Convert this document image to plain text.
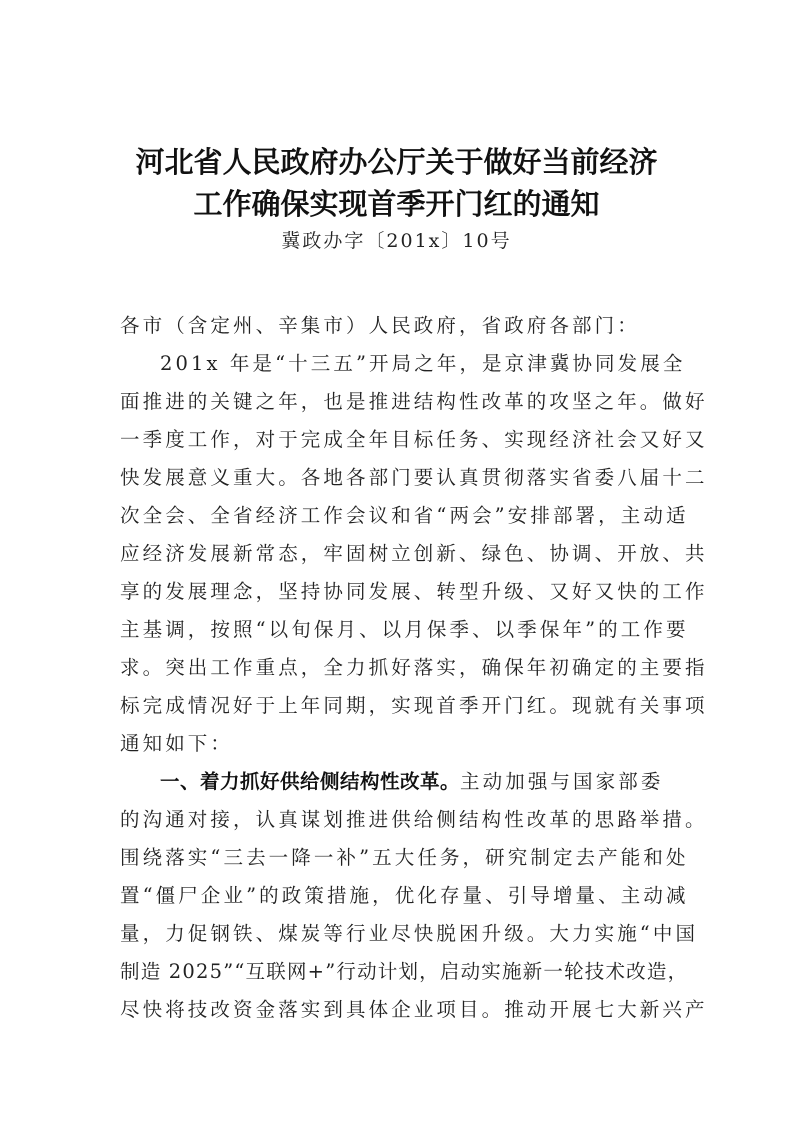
河北省人民政府办公厅关于做好当前经济
工作确保实现首季开门红的通知
冀政办字〔201x〕10号
各市（含定州、辛集市）人民政府，省政府各部门：
201x 年是“十三五”开局之年，是京津冀协同发展全
面推进的关键之年，也是推进结构性改革的攻坚之年。做好
一季度工作，对于完成全年目标任务、实现经济社会又好又
快发展意义重大。各地各部门要认真贯彻落实省委八届十二
次全会、全省经济工作会议和省“两会”安排部署，主动适
应经济发展新常态，牢固树立创新、绿色、协调、开放、共
享的发展理念，坚持协同发展、转型升级、又好又快的工作
主基调，按照“以旬保月、以月保季、以季保年”的工作要
求。突出工作重点，全力抓好落实，确保年初确定的主要指
标完成情况好于上年同期，实现首季开门红。现就有关事项
通知如下：
一、着力抓好供给侧结构性改革。主动加强与国家部委
的沟通对接，认真谋划推进供给侧结构性改革的思路举措。
围绕落实“三去一降一补”五大任务，研究制定去产能和处
置“僵尸企业”的政策措施，优化存量、引导增量、主动减
量，力促钢铁、煤炭等行业尽快脱困升级。大力实施“中国
制造 2025”“互联网+”行动计划，启动实施新一轮技术改造，
尽快将技改资金落实到具体企业项目。推动开展七大新兴产
